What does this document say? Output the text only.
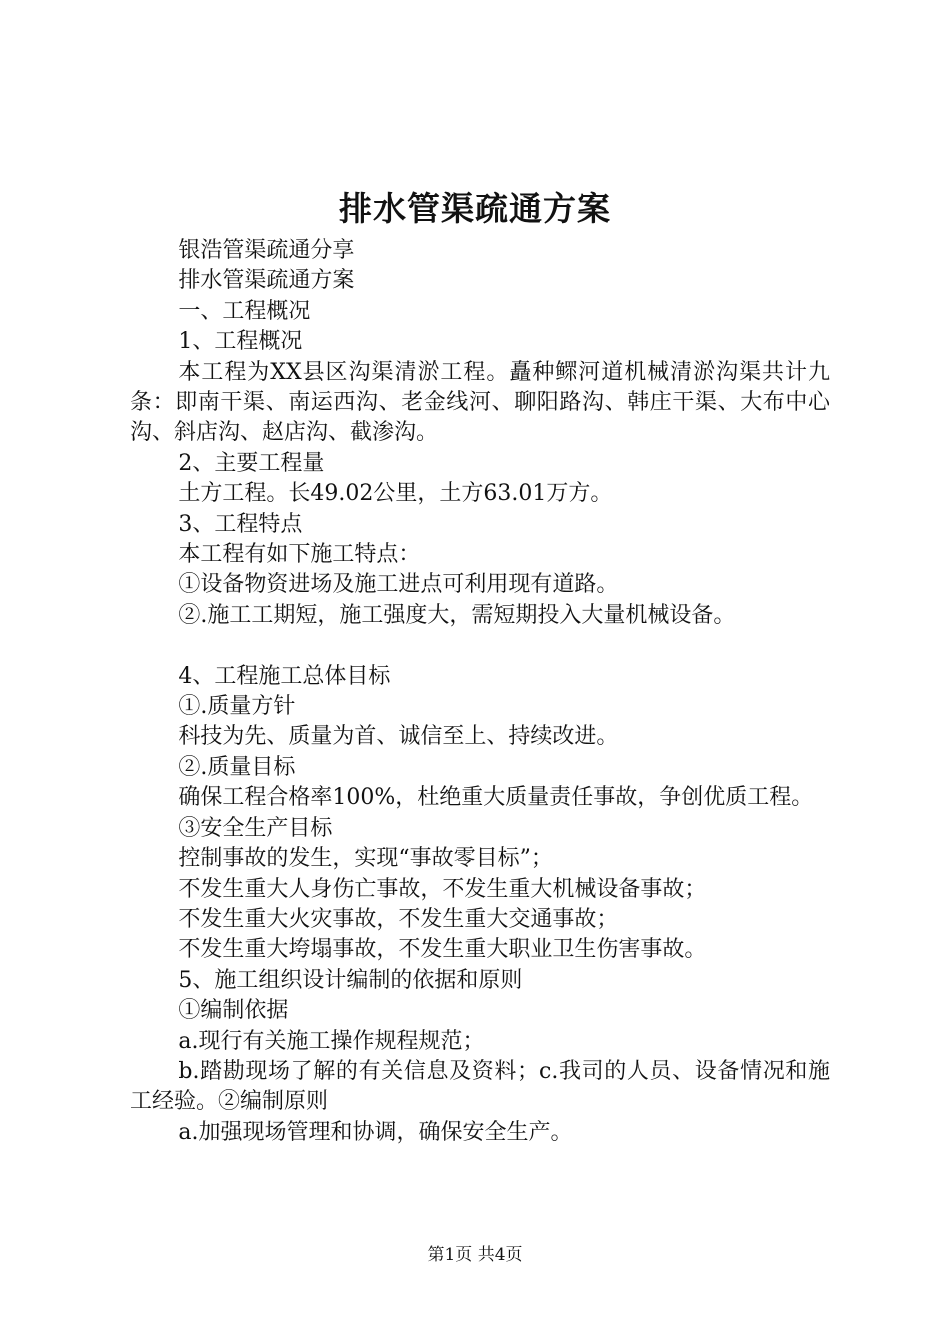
排水管渠疏通方案

银浩管渠疏通分享

排水管渠疏通方案

一、工程概况

1、工程概况

本工程为XX县区沟渠清淤工程。矗种鳏河道机械清淤沟渠共计九条：即南干渠、南运西沟、老金线河、聊阳路沟、韩庄干渠、大布中心沟、斜店沟、赵店沟、截渗沟。

2、主要工程量

土方工程。长49.02公里，土方63.01万方。

3、工程特点

本工程有如下施工特点：

①设备物资进场及施工进点可利用现有道路。

②.施工工期短，施工强度大，需短期投入大量机械设备。

4、工程施工总体目标

①.质量方针

科技为先、质量为首、诚信至上、持续改进。

②.质量目标

确保工程合格率100%，杜绝重大质量责任事故，争创优质工程。

③安全生产目标

控制事故的发生，实现“事故零目标”；

不发生重大人身伤亡事故，不发生重大机械设备事故；

不发生重大火灾事故，不发生重大交通事故；

不发生重大垮塌事故，不发生重大职业卫生伤害事故。

5、施工组织设计编制的依据和原则

①编制依据

a.现行有关施工操作规程规范；

b.踏勘现场了解的有关信息及资料；c.我司的人员、设备情况和施工经验。②编制原则

a.加强现场管理和协调，确保安全生产。

第1页 共4页
